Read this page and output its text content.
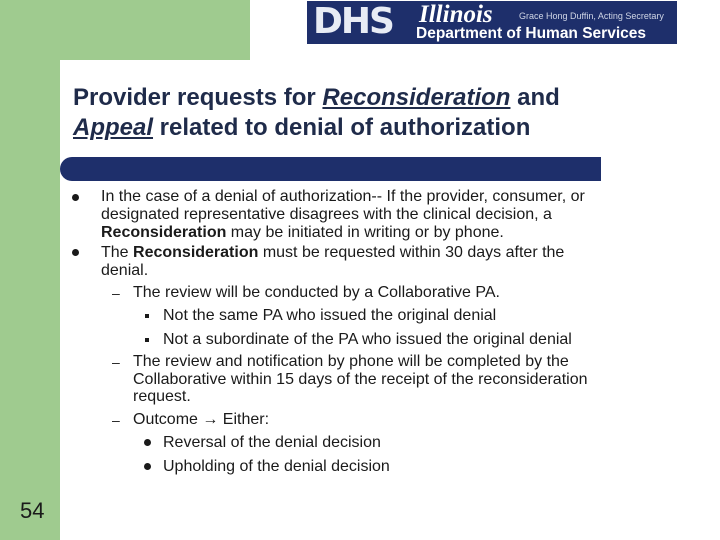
DHS Illinois	Grace Hong Duffin, Acting Secretary
Department of Human Services
Provider requests for Reconsideration and
Appeal related to denial of authorization
In the case of a denial of authorization-- If the provider, consumer, or
designated representative disagrees with the clinical decision, a
Reconsideration may be initiated in writing or by phone.
The Reconsideration must be requested within 30 days after the
denial.
– The review will be conducted by a Collaborative PA.
Not the same PA who issued the original denial
Not a subordinate of the PA who issued the original denial
– The review and notification by phone will be completed by the
Collaborative within 15 days of the receipt of the reconsideration
request.
– Outcome → Either:
Reversal of the denial decision
Upholding of the denial decision
54
